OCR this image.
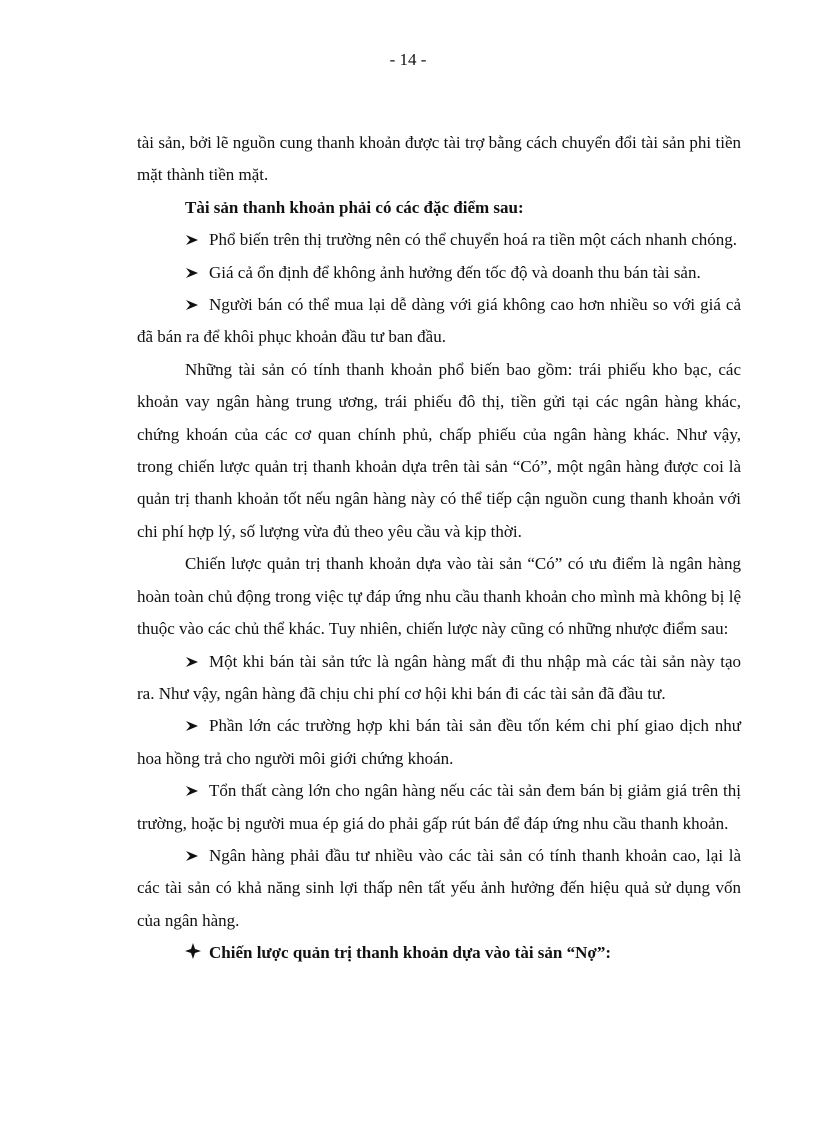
- 14 -

tài sản, bởi lẽ nguồn cung thanh khoản được tài trợ bằng cách chuyển đổi tài sản phi tiền mặt thành tiền mặt.

Tài sản thanh khoản phải có các đặc điểm sau:

Phổ biến trên thị trường nên có thể chuyển hoá ra tiền một cách nhanh chóng.

Giá cả ổn định để không ảnh hưởng đến tốc độ và doanh thu bán tài sản.

Người bán có thể mua lại dễ dàng với giá không cao hơn nhiều so với giá cả đã bán ra để khôi phục khoản đầu tư ban đầu.

Những tài sản có tính thanh khoản phổ biến bao gồm: trái phiếu kho bạc, các khoản vay ngân hàng trung ương, trái phiếu đô thị, tiền gửi tại các ngân hàng khác, chứng khoán của các cơ quan chính phủ, chấp phiếu của ngân hàng khác. Như vậy, trong chiến lược quản trị thanh khoản dựa trên tài sản “Có”, một ngân hàng được coi là quản trị thanh khoản tốt nếu ngân hàng này có thể tiếp cận nguồn cung thanh khoản với chi phí hợp lý, số lượng vừa đủ theo yêu cầu và kịp thời.

Chiến lược quản trị thanh khoản dựa vào tài sản “Có” có ưu điểm là ngân hàng hoàn toàn chủ động trong việc tự đáp ứng nhu cầu thanh khoản cho mình mà không bị lệ thuộc vào các chủ thể khác. Tuy nhiên, chiến lược này cũng có những nhược điểm sau:

Một khi bán tài sản tức là ngân hàng mất đi thu nhập mà các tài sản này tạo ra. Như vậy, ngân hàng đã chịu chi phí cơ hội khi bán đi các tài sản đã đầu tư.

Phần lớn các trường hợp khi bán tài sản đều tốn kém chi phí giao dịch như hoa hồng trả cho người môi giới chứng khoán.

Tổn thất càng lớn cho ngân hàng nếu các tài sản đem bán bị giảm giá trên thị trường, hoặc bị người mua ép giá do phải gấp rút bán để đáp ứng nhu cầu thanh khoản.

Ngân hàng phải đầu tư nhiều vào các tài sản có tính thanh khoản cao, lại là các tài sản có khả năng sinh lợi thấp nên tất yếu ảnh hưởng đến hiệu quả sử dụng vốn của ngân hàng.

Chiến lược quản trị thanh khoản dựa vào tài sản “Nợ”:
